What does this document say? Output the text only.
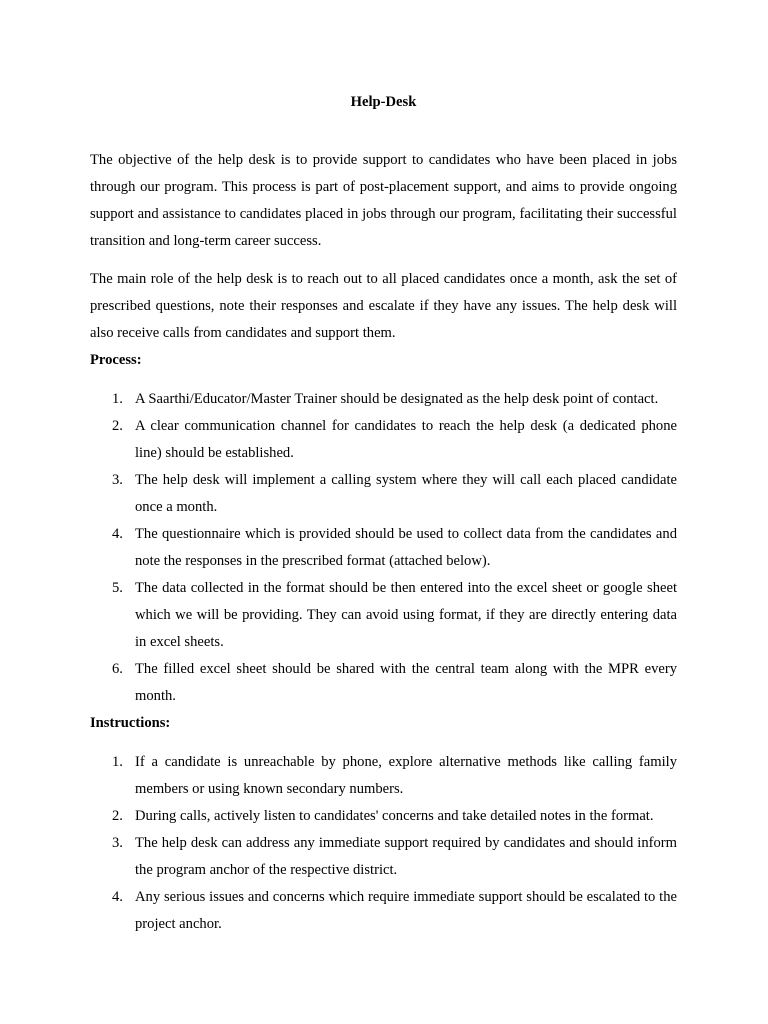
Help-Desk

The objective of the help desk is to provide support to candidates who have been placed in jobs through our program. This process is part of post-placement support, and aims to provide ongoing support and assistance to candidates placed in jobs through our program, facilitating their successful transition and long-term career success.

The main role of the help desk is to reach out to all placed candidates once a month, ask the set of prescribed questions, note their responses and escalate if they have any issues. The help desk will also receive calls from candidates and support them.

Process:
1. A Saarthi/Educator/Master Trainer should be designated as the help desk point of contact.
2. A clear communication channel for candidates to reach the help desk (a dedicated phone line) should be established.
3. The help desk will implement a calling system where they will call each placed candidate once a month.
4. The questionnaire which is provided should be used to collect data from the candidates and note the responses in the prescribed format (attached below).
5. The data collected in the format should be then entered into the excel sheet or google sheet which we will be providing. They can avoid using format, if they are directly entering data in excel sheets.
6. The filled excel sheet should be shared with the central team along with the MPR every month.
Instructions:
1. If a candidate is unreachable by phone, explore alternative methods like calling family members or using known secondary numbers.
2. During calls, actively listen to candidates' concerns and take detailed notes in the format.
3. The help desk can address any immediate support required by candidates and should inform the program anchor of the respective district.
4. Any serious issues and concerns which require immediate support should be escalated to the project anchor.
